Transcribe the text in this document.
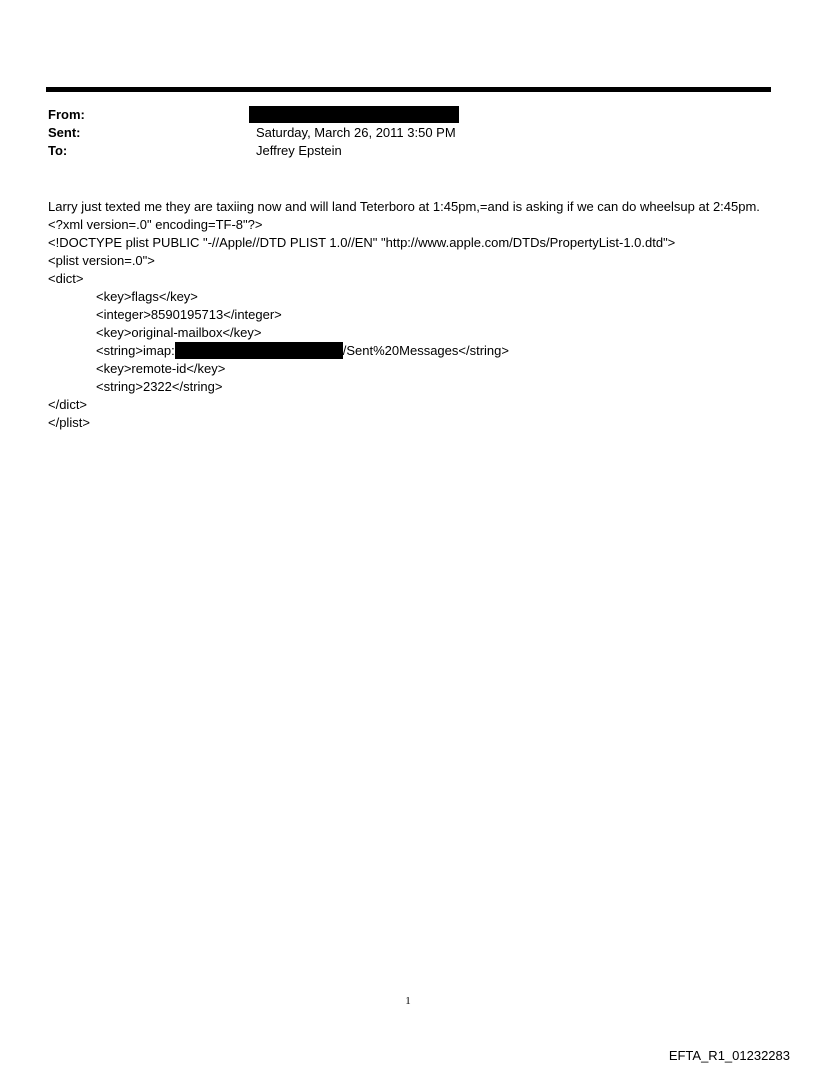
From:
Sent:	Saturday, March 26, 2011 3:50 PM
To:	Jeffrey Epstein
Larry just texted me they are taxiing now and will land Teterboro at 1:45pm,=and is asking if we can do wheelsup at 2:45pm.
<?xml version=.0" encoding=TF-8"?>
<!DOCTYPE plist PUBLIC "-//Apple//DTD PLIST 1.0//EN" "http://www.apple.com/DTDs/PropertyList-1.0.dtd">
<plist version=.0">
<dict>
<key>flags</key>
<integer>8590195713</integer>
<key>original-mailbox</key>
<string>imap:	/Sent%20Messages</string>
<key>remote-id</key>
<string>2322</string>
</dict>
</plist>
1
EFTA_R1_01232283
